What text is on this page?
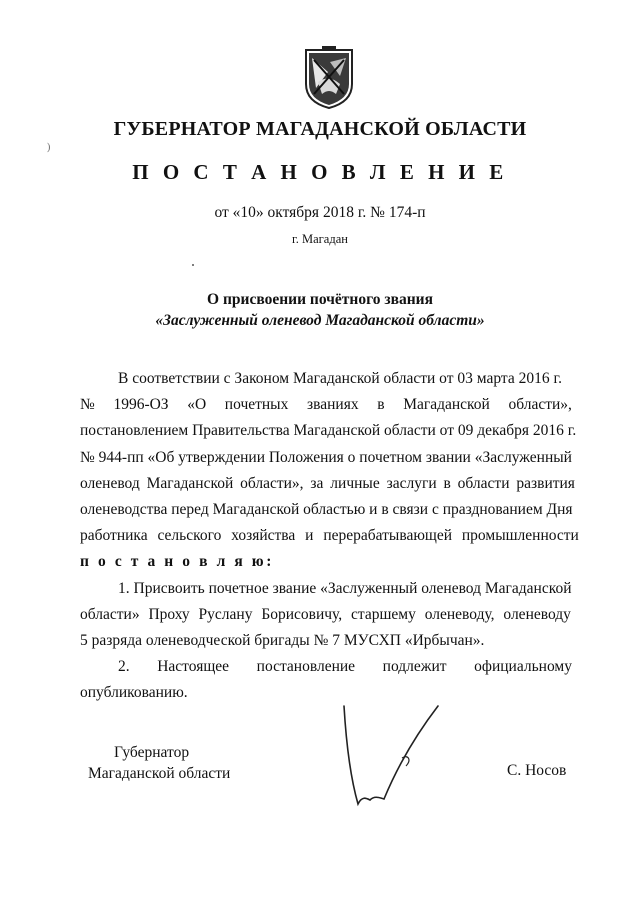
)
ГУБЕРНАТОР МАГАДАНСКОЙ ОБЛАСТИ
П О С Т А Н О В Л Е Н И Е
от «10» октября 2018 г. № 174-п
г. Магадан
О присвоении почётного звания
«Заслуженный оленевод Магаданской области»
В соответствии с Законом Магаданской области от 03 марта 2016 г.
№ 1996-ОЗ «О почетных званиях в Магаданской области»,
постановлением Правительства Магаданской области от 09 декабря 2016 г.
№ 944-пп «Об утверждении Положения о почетном звании «Заслуженный
оленевод Магаданской области», за личные заслуги в области развития
оленеводства перед Магаданской областью и в связи с празднованием Дня
работника сельского хозяйства и перерабатывающей промышленности
п о с т а н о в л я ю:
1. Присвоить почетное звание «Заслуженный оленевод Магаданской
области» Проху Руслану Борисовичу, старшему оленеводу, оленеводу
5 разряда оленеводческой бригады № 7 МУСХП «Ирбычан».
2. Настоящее постановление подлежит официальному
опубликованию.
Губернатор
Магаданской области	С. Носов
